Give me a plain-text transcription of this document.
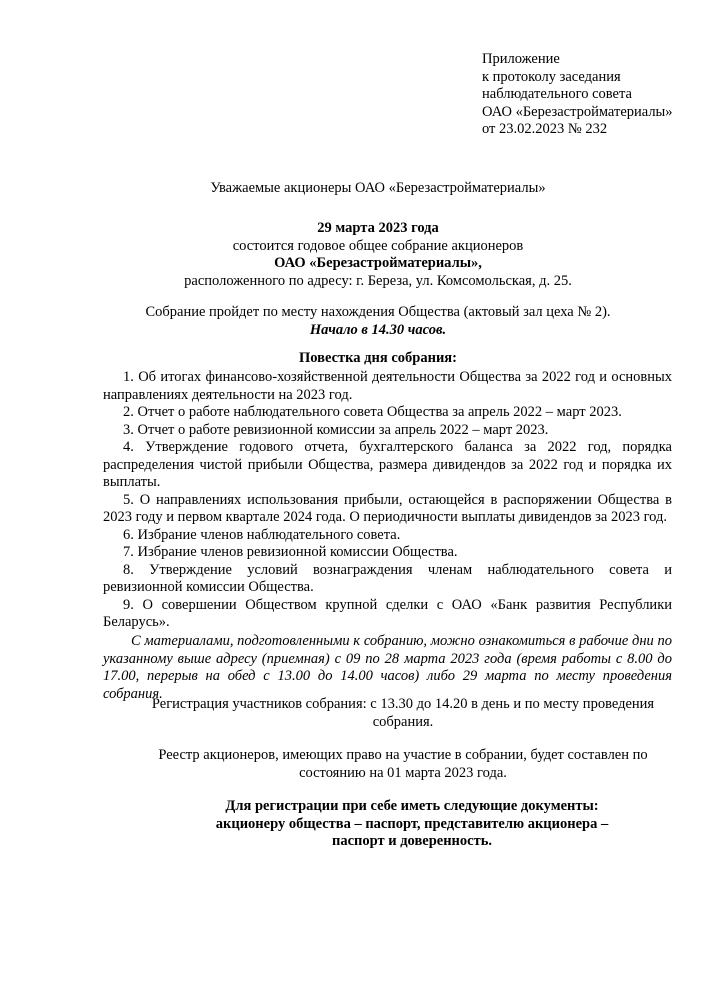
Приложение
к протоколу заседания
наблюдательного совета
ОАО «Березастройматериалы»
от 23.02.2023 № 232
Уважаемые акционеры ОАО «Березастройматериалы»
29 марта 2023 года
состоится годовое общее собрание акционеров
ОАО «Березастройматериалы»,
расположенного по адресу: г. Береза, ул. Комсомольская, д. 25.
Собрание пройдет по месту нахождения Общества (актовый зал цеха № 2).
Начало в 14.30 часов.
Повестка дня собрания:
1. Об итогах финансово-хозяйственной деятельности Общества за 2022 год и основных направлениях деятельности на 2023 год.
2. Отчет о работе наблюдательного совета Общества за апрель 2022 – март 2023.
3. Отчет о работе ревизионной комиссии за апрель 2022 – март 2023.
4. Утверждение годового отчета, бухгалтерского баланса за 2022 год, порядка распределения чистой прибыли Общества, размера дивидендов за 2022 год и порядка их выплаты.
5. О направлениях использования прибыли, остающейся в распоряжении Общества в 2023 году и первом квартале 2024 года. О периодичности выплаты дивидендов за 2023 год.
6. Избрание членов наблюдательного совета.
7. Избрание членов ревизионной комиссии Общества.
8. Утверждение условий вознаграждения членам наблюдательного совета и ревизионной комиссии Общества.
9. О совершении Обществом крупной сделки с ОАО «Банк развития Республики Беларусь».
С материалами, подготовленными к собранию, можно ознакомиться в рабочие дни по указанному выше адресу (приемная) с 09 по 28 марта 2023 года (время работы с 8.00 до 17.00, перерыв на обед с 13.00 до 14.00 часов) либо 29 марта по месту проведения собрания.
Регистрация участников собрания: с 13.30 до 14.20 в день и по месту проведения собрания.
Реестр акционеров, имеющих право на участие в собрании, будет составлен по состоянию на 01 марта 2023 года.
Для регистрации при себе иметь следующие документы:
акционеру общества – паспорт, представителю акционера –
паспорт и доверенность.
